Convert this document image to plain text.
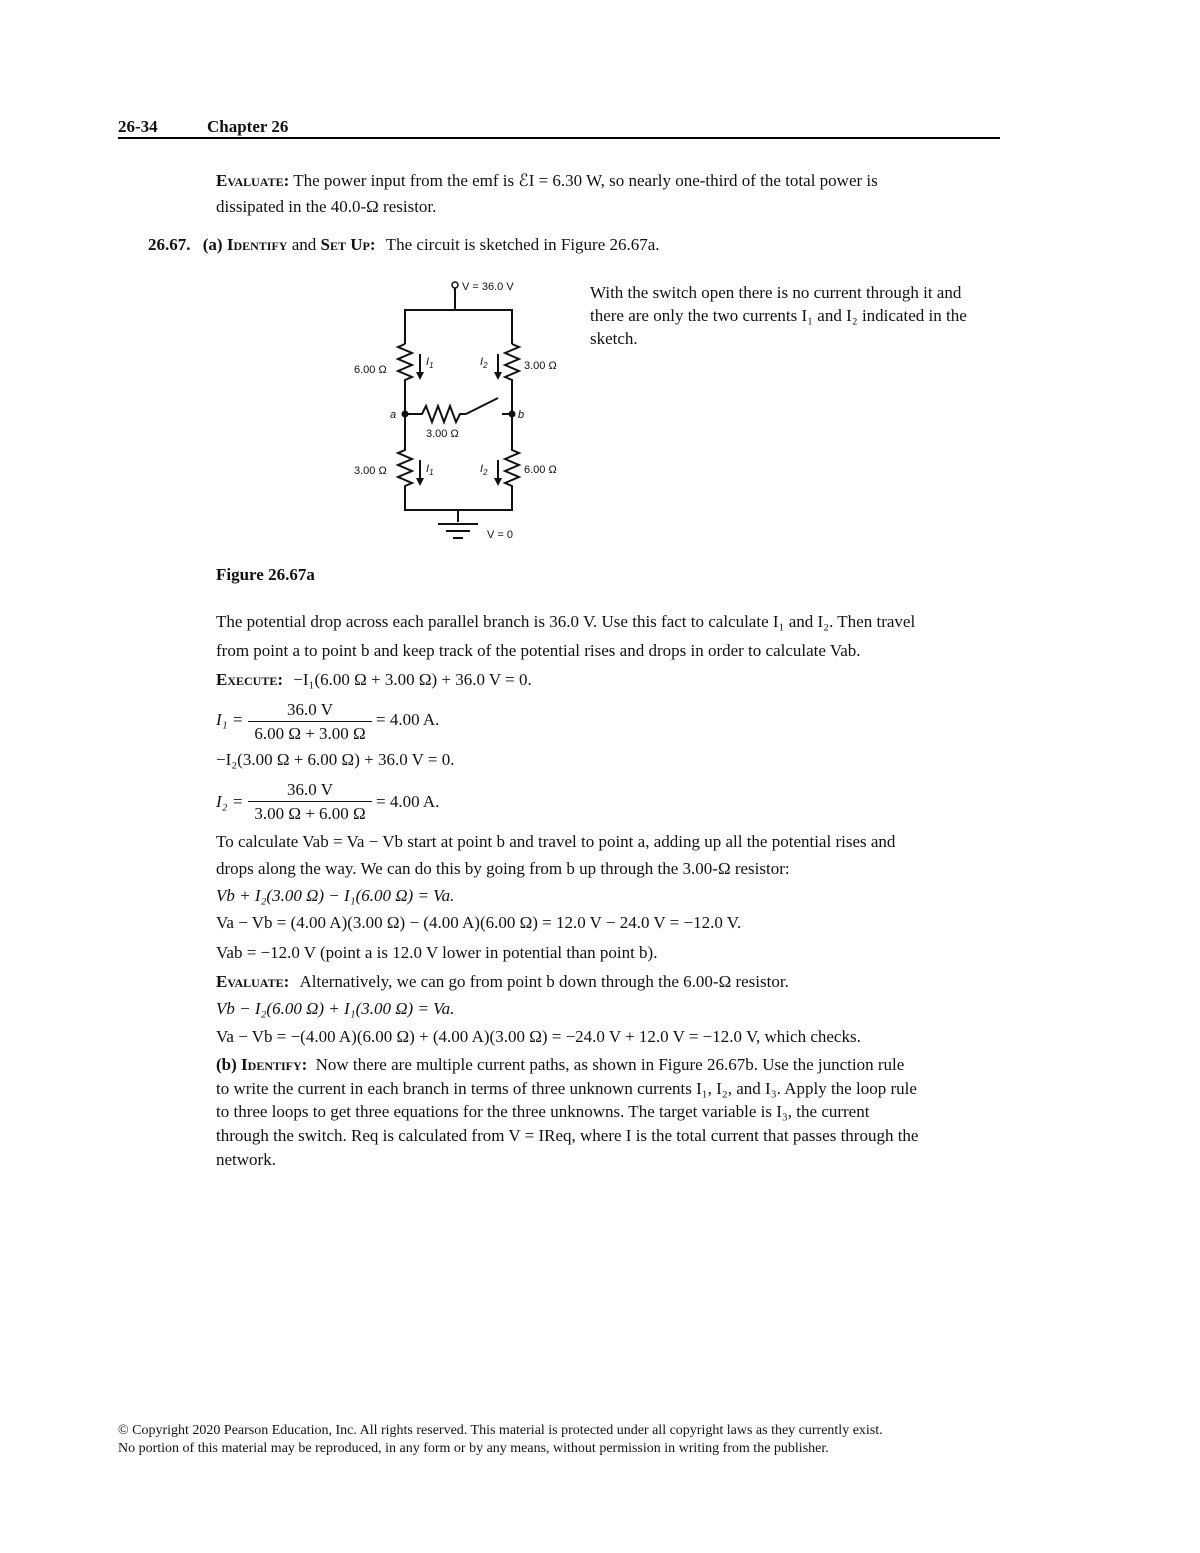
26-34	Chapter 26
Evaluate: The power input from the emf is ℰI = 6.30 W, so nearly one-third of the total power is
dissipated in the 40.0-Ω resistor.
26.67. (a) Identify and Set Up: The circuit is sketched in Figure 26.67a.
V = 36.0 V
V = 0
6.00 Ω	3.00 Ω
3.00 Ω
3.00 Ω	6.00 Ω
a	b
$I_1$	$I_2$
$I_1$	$I_2$
With the switch open there is no current through it and
there are only the two currents I₁ and I₂ indicated in the
sketch.
Figure 26.67a
The potential drop across each parallel branch is 36.0 V. Use this fact to calculate I₁ and I₂. Then travel
from point a to point b and keep track of the potential rises and drops in order to calculate Vab.
Execute: −I₁(6.00 Ω + 3.00 Ω) + 36.0 V = 0.
I₁ =
36.0 V
6.00 Ω + 3.00 Ω
= 4.00 A.
−I₂(3.00 Ω + 6.00 Ω) + 36.0 V = 0.
I₂ =
36.0 V
3.00 Ω + 6.00 Ω
= 4.00 A.
To calculate Vab = Va − Vb start at point b and travel to point a, adding up all the potential rises and
drops along the way. We can do this by going from b up through the 3.00-Ω resistor:
Vb + I₂(3.00 Ω) − I₁(6.00 Ω) = Va.
Va − Vb = (4.00 A)(3.00 Ω) − (4.00 A)(6.00 Ω) = 12.0 V − 24.0 V = −12.0 V.
Vab = −12.0 V (point a is 12.0 V lower in potential than point b).
Evaluate: Alternatively, we can go from point b down through the 6.00-Ω resistor.
Vb − I₂(6.00 Ω) + I₁(3.00 Ω) = Va.
Va − Vb = −(4.00 A)(6.00 Ω) + (4.00 A)(3.00 Ω) = −24.0 V + 12.0 V = −12.0 V, which checks.
(b) Identify: Now there are multiple current paths, as shown in Figure 26.67b. Use the junction rule
to write the current in each branch in terms of three unknown currents I₁, I₂, and I₃. Apply the loop rule
to three loops to get three equations for the three unknowns. The target variable is I₃, the current
through the switch. Req is calculated from V = IReq, where I is the total current that passes through the
network.
© Copyright 2020 Pearson Education, Inc. All rights reserved. This material is protected under all copyright laws as they currently exist.
No portion of this material may be reproduced, in any form or by any means, without permission in writing from the publisher.
